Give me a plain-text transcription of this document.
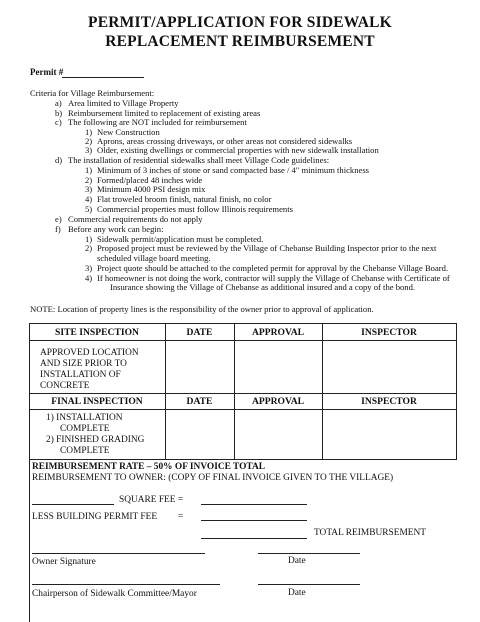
PERMIT/APPLICATION FOR SIDEWALK
REPLACEMENT REIMBURSEMENT
Permit #
Criteria for Village Reimbursement:
a) Area limited to Village Property
b) Reimbursement limited to replacement of existing areas
c) The following are NOT included for reimbursement
1) New Construction
2) Aprons, areas crossing driveways, or other areas not considered sidewalks
3) Older, existing dwellings or commercial properties with new sidewalk installation
d) The installation of residential sidewalks shall meet Village Code guidelines:
1) Minimum of 3 inches of stone or sand compacted base / 4" minimum thickness
2) Formed/placed 48 inches wide
3) Minimum 4000 PSI design mix
4) Flat troweled broom finish, natural finish, no color
5) Commercial properties must follow Illinois requirements
e) Commercial requirements do not apply
f) Before any work can begin:
1) Sidewalk permit/application must be completed.
2) Proposed project must be reviewed by the Village of Chebanse Building Inspector prior to the next
scheduled village board meeting.
3) Project quote should be attached to the completed permit for approval by the Chebanse Village Board.
4) If homeowner is not doing the work, contractor will supply the Village of Chebanse with Certificate of
Insurance showing the Village of Chebanse as additional insured and a copy of the bond.
NOTE: Location of property lines is the responsibility of the owner prior to approval of application.
SITE INSPECTION	DATE	APPROVAL	INSPECTOR
APPROVED LOCATION
AND SIZE PRIOR TO
INSTALLATION OF
CONCRETE
FINAL INSPECTION	DATE	APPROVAL	INSPECTOR
1) INSTALLATION
COMPLETE
2) FINISHED GRADING
COMPLETE
REIMBURSEMENT RATE – 50% OF INVOICE TOTAL
REIMBURSEMENT TO OWNER: (COPY OF FINAL INVOICE GIVEN TO THE VILLAGE)
SQUARE FEE =
LESS BUILDING PERMIT FEE =
TOTAL REIMBURSEMENT
Owner Signature	Date
Chairperson of Sidewalk Committee/Mayor	Date
